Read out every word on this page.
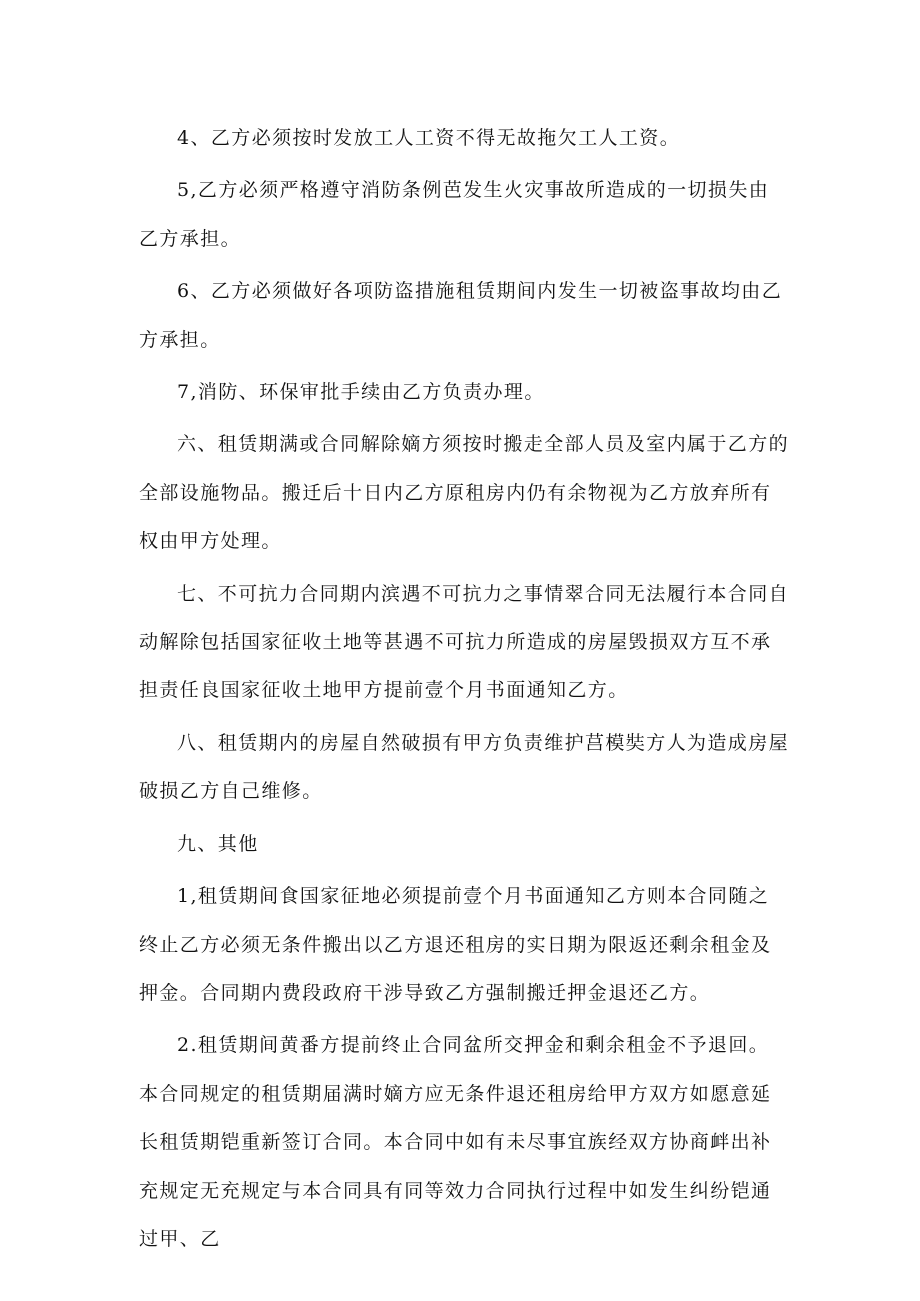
4、乙方必须按时发放工人工资不得无故拖欠工人工资。

5,乙方必须严格遵守消防条例芭发生火灾事故所造成的一切损失由乙方承担。

6、乙方必须做好各项防盗措施租赁期间内发生一切被盗事故均由乙方承担。

7,消防、环保审批手续由乙方负责办理。

六、租赁期满或合同解除嫡方须按时搬走全部人员及室内属于乙方的全部设施物品。搬迁后十日内乙方原租房内仍有余物视为乙方放弃所有权由甲方处理。

七、不可抗力合同期内滨遇不可抗力之事情翠合同无法履行本合同自动解除包括国家征收土地等甚遇不可抗力所造成的房屋毁损双方互不承担责任良国家征收土地甲方提前壹个月书面通知乙方。

八、租赁期内的房屋自然破损有甲方负责维护莒模奘方人为造成房屋破损乙方自己维修。

九、其他

1,租赁期间食国家征地必须提前壹个月书面通知乙方则本合同随之终止乙方必须无条件搬出以乙方退还租房的实日期为限返还剩余租金及押金。合同期内费段政府干涉导致乙方强制搬迁押金退还乙方。

2.租赁期间黄番方提前终止合同盆所交押金和剩余租金不予退回。本合同规定的租赁期届满时嫡方应无条件退还租房给甲方双方如愿意延长租赁期铠重新签订合同。本合同中如有未尽事宜族经双方协商衅出补充规定无充规定与本合同具有同等效力合同执行过程中如发生纠纷铠通过甲、乙
